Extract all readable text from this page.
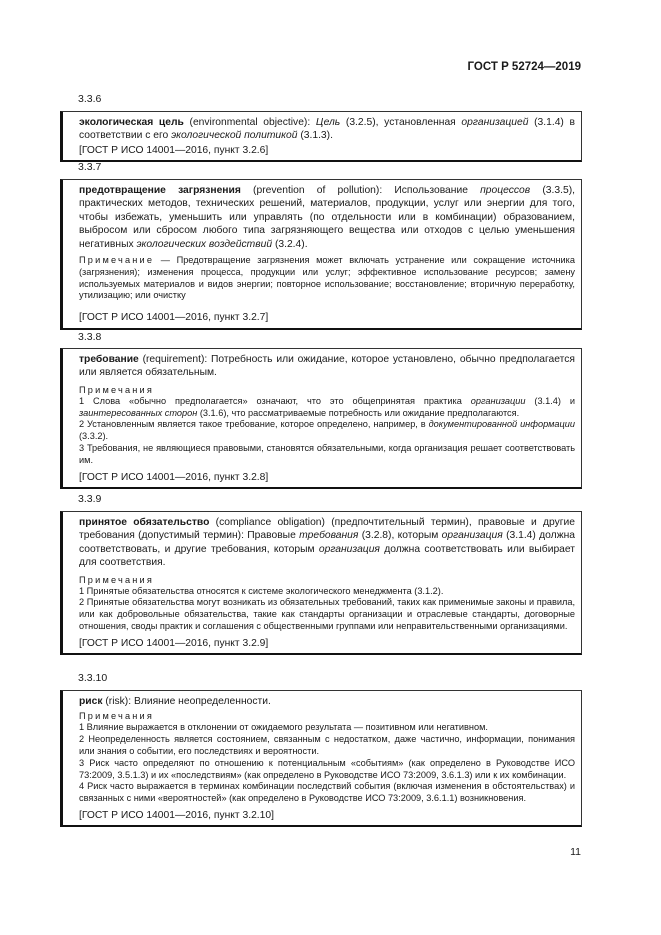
ГОСТ Р 52724—2019
3.3.6

экологическая цель (environmental objective): Цель (3.2.5), установленная организацией (3.1.4) в соответствии с его экологической политикой (3.1.3).

[ГОСТ Р ИСО 14001—2016, пункт 3.2.6]
3.3.7

предотвращение загрязнения (prevention of pollution): Использование процессов (3.3.5), практических методов, технических решений, материалов, продукции, услуг или энергии для того, чтобы избежать, уменьшить или управлять (по отдельности или в комбинации) образованием, выбросом или сбросом любого типа загрязняющего вещества или отходов с целью уменьшения негативных экологических воздействий (3.2.4).

Примечание — Предотвращение загрязнения может включать устранение или сокращение источника (загрязнения); изменения процесса, продукции или услуг; эффективное использование ресурсов; замену используемых материалов и видов энергии; повторное использование; восстановление; вторичную переработку, утилизацию; или очистку

[ГОСТ Р ИСО 14001—2016, пункт 3.2.7]
3.3.8

требование (requirement): Потребность или ожидание, которое установлено, обычно предполагается или является обязательным.

Примечания

1 Слова «обычно предполагается» означают, что это общепринятая практика организации (3.1.4) и заинтересованных сторон (3.1.6), что рассматриваемые потребность или ожидание предполагаются.

2 Установленным является такое требование, которое определено, например, в документированной информации (3.3.2).

3 Требования, не являющиеся правовыми, становятся обязательными, когда организация решает соответствовать им.

[ГОСТ Р ИСО 14001—2016, пункт 3.2.8]
3.3.9

принятое обязательство (compliance obligation) (предпочтительный термин), правовые и другие требования (допустимый термин): Правовые требования (3.2.8), которым организация (3.1.4) должна соответствовать, и другие требования, которым организация должна соответствовать или выбирает для соответствия.

Примечания

1 Принятые обязательства относятся к системе экологического менеджмента (3.1.2).

2 Принятые обязательства могут возникать из обязательных требований, таких как применимые законы и правила, или как добровольные обязательства, такие как стандарты организации и отраслевые стандарты, договорные отношения, своды практик и соглашения с общественными группами или неправительственными организациями.

[ГОСТ Р ИСО 14001—2016, пункт 3.2.9]
3.3.10

риск (risk): Влияние неопределенности.

Примечания

1 Влияние выражается в отклонении от ожидаемого результата — позитивном или негативном.

2 Неопределенность является состоянием, связанным с недостатком, даже частично, информации, понимания или знания о событии, его последствиях и вероятности.

3 Риск часто определяют по отношению к потенциальным «событиям» (как определено в Руководстве ИСО 73:2009, 3.5.1.3) и их «последствиям» (как определено в Руководстве ИСО 73:2009, 3.6.1.3) или к их комбинации.

4 Риск часто выражается в терминах комбинации последствий события (включая изменения в обстоятельствах) и связанных с ними «вероятностей» (как определено в Руководстве ИСО 73:2009, 3.6.1.1) возникновения.

[ГОСТ Р ИСО 14001—2016, пункт 3.2.10]
11
